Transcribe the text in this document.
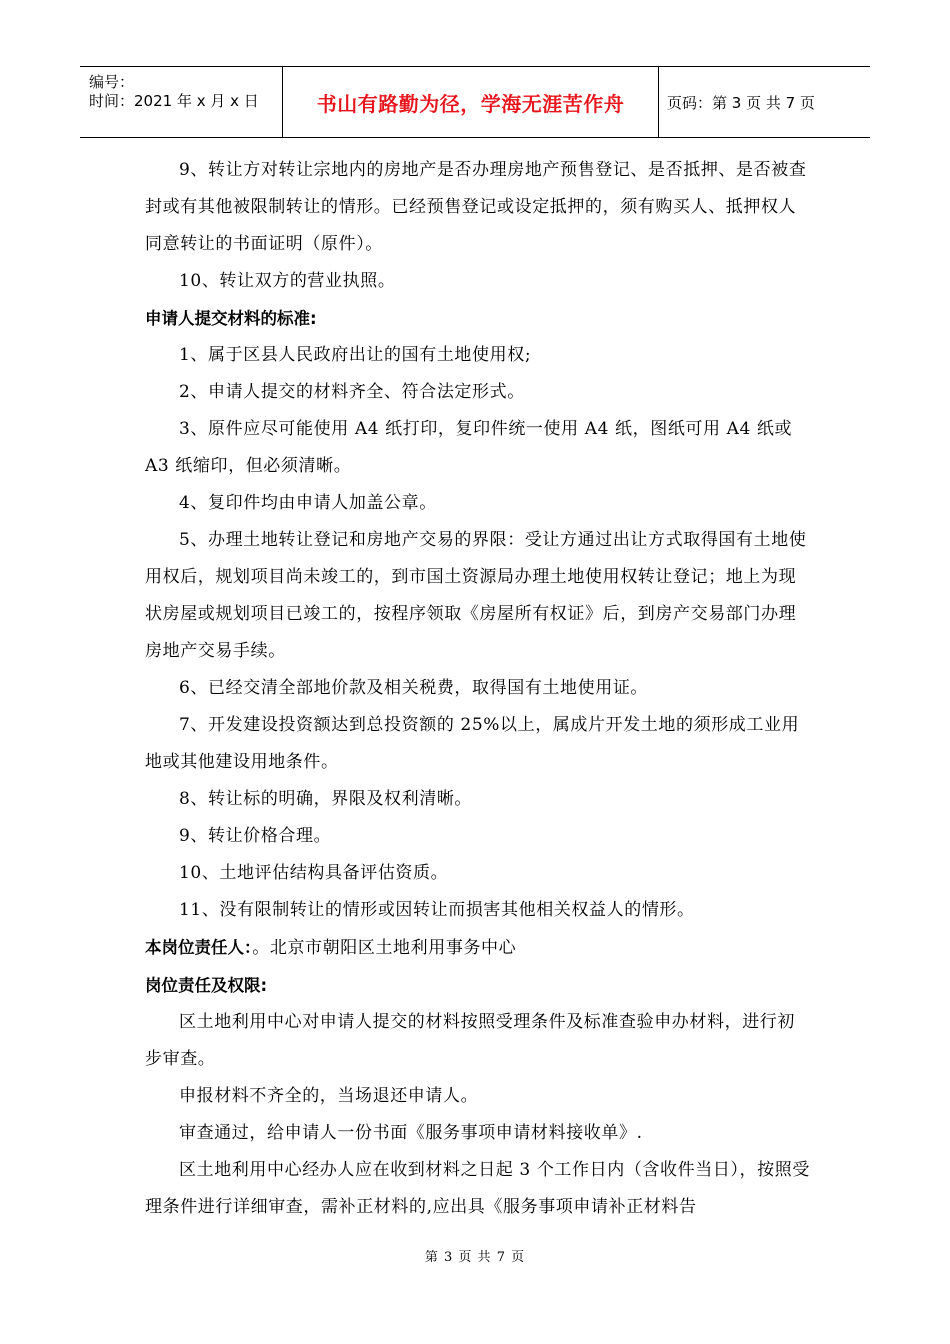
编号：
时间：2021 年 x 月 x 日	书山有路勤为径，学海无涯苦作舟	页码：第 3 页 共 7 页

9、转让方对转让宗地内的房地产是否办理房地产预售登记、是否抵押、是否被查封或有其他被限制转让的情形。已经预售登记或设定抵押的，须有购买人、抵押权人同意转让的书面证明（原件）。

10、转让双方的营业执照。

申请人提交材料的标准:

1、属于区县人民政府出让的国有土地使用权;

2、申请人提交的材料齐全、符合法定形式。

3、原件应尽可能使用 A4 纸打印，复印件统一使用 A4 纸，图纸可用 A4 纸或 A3 纸缩印，但必须清晰。

4、复印件均由申请人加盖公章。

5、办理土地转让登记和房地产交易的界限：受让方通过出让方式取得国有土地使用权后，规划项目尚未竣工的，到市国土资源局办理土地使用权转让登记；地上为现状房屋或规划项目已竣工的，按程序领取《房屋所有权证》后，到房产交易部门办理房地产交易手续。

6、已经交清全部地价款及相关税费，取得国有土地使用证。

7、开发建设投资额达到总投资额的 25%以上，属成片开发土地的须形成工业用地或其他建设用地条件。

8、转让标的明确，界限及权利清晰。

9、转让价格合理。

10、土地评估结构具备评估资质。

11、没有限制转让的情形或因转让而损害其他相关权益人的情形。

本岗位责任人：。北京市朝阳区土地利用事务中心

岗位责任及权限:

区土地利用中心对申请人提交的材料按照受理条件及标准查验申办材料，进行初步审查。

申报材料不齐全的，当场退还申请人。

审查通过，给申请人一份书面《服务事项申请材料接收单》.

区土地利用中心经办人应在收到材料之日起 3 个工作日内（含收件当日），按照受理条件进行详细审查，需补正材料的,应出具《服务事项申请补正材料告

第 3 页 共 7 页
